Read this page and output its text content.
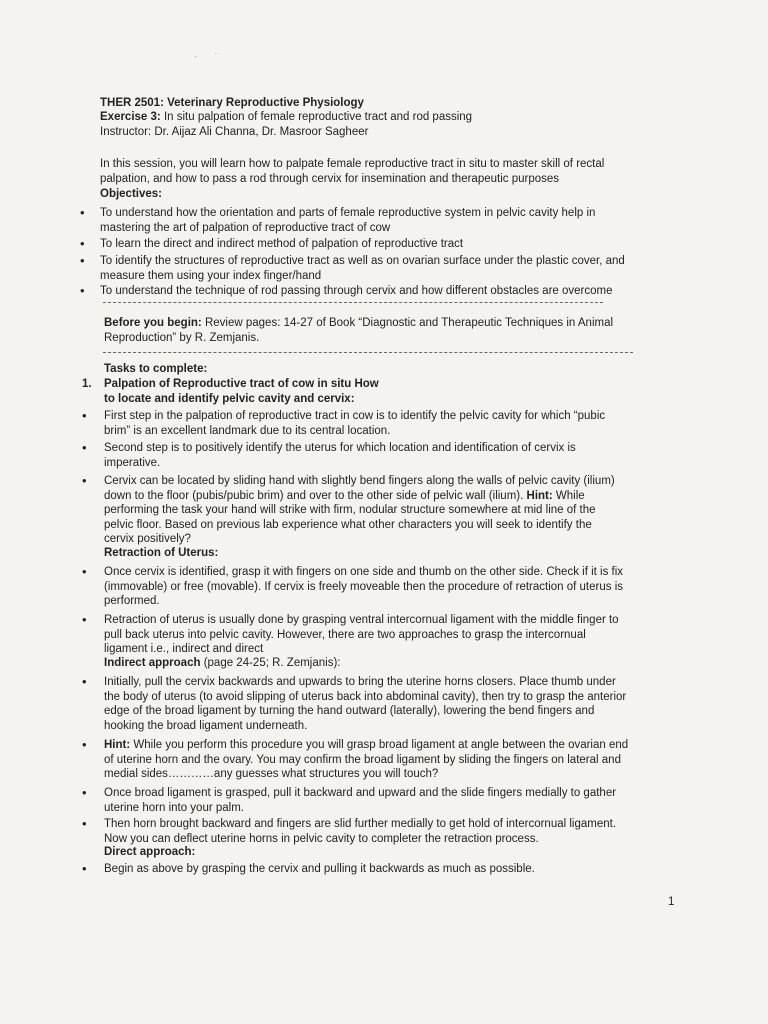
·        ˙˙
THER 2501: Veterinary Reproductive Physiology
Exercise 3: In situ palpation of female reproductive tract and rod passing
Instructor: Dr. Aijaz Ali Channa, Dr. Masroor Sagheer
In this session, you will learn how to palpate female reproductive tract in situ to master skill of rectal
palpation, and how to pass a rod through cervix for insemination and therapeutic purposes
Objectives:
• To understand how the orientation and parts of female reproductive system in pelvic cavity help in
mastering the art of palpation of reproductive tract of cow
• To learn the direct and indirect method of palpation of reproductive tract
• To identify the structures of reproductive tract as well as on ovarian surface under the plastic cover, and
measure them using your index finger/hand
• To understand the technique of rod passing through cervix and how different obstacles are overcome
Before you begin: Review pages: 14-27 of Book “Diagnostic and Therapeutic Techniques in Animal
Reproduction” by R. Zemjanis.
Tasks to complete:
1. Palpation of Reproductive tract of cow in situ How
to locate and identify pelvic cavity and cervix:
• First step in the palpation of reproductive tract in cow is to identify the pelvic cavity for which “pubic
brim” is an excellent landmark due to its central location.
• Second step is to positively identify the uterus for which location and identification of cervix is
imperative.
• Cervix can be located by sliding hand with slightly bend fingers along the walls of pelvic cavity (ilium)
down to the floor (pubis/pubic brim) and over to the other side of pelvic wall (ilium). Hint: While
performing the task your hand will strike with firm, nodular structure somewhere at mid line of the
pelvic floor. Based on previous lab experience what other characters you will seek to identify the
cervix positively?
Retraction of Uterus:
• Once cervix is identified, grasp it with fingers on one side and thumb on the other side. Check if it is fix
(immovable) or free (movable). If cervix is freely moveable then the procedure of retraction of uterus is
performed.
• Retraction of uterus is usually done by grasping ventral intercornual ligament with the middle finger to
pull back uterus into pelvic cavity. However, there are two approaches to grasp the intercornual
ligament i.e., indirect and direct
Indirect approach (page 24-25; R. Zemjanis):
• Initially, pull the cervix backwards and upwards to bring the uterine horns closers. Place thumb under
the body of uterus (to avoid slipping of uterus back into abdominal cavity), then try to grasp the anterior
edge of the broad ligament by turning the hand outward (laterally), lowering the bend fingers and
hooking the broad ligament underneath.
• Hint: While you perform this procedure you will grasp broad ligament at angle between the ovarian end
of uterine horn and the ovary. You may confirm the broad ligament by sliding the fingers on lateral and
medial sides…………any guesses what structures you will touch?
• Once broad ligament is grasped, pull it backward and upward and the slide fingers medially to gather
uterine horn into your palm.
• Then horn brought backward and fingers are slid further medially to get hold of intercornual ligament.
Now you can deflect uterine horns in pelvic cavity to completer the retraction process.
Direct approach:
• Begin as above by grasping the cervix and pulling it backwards as much as possible.
1
